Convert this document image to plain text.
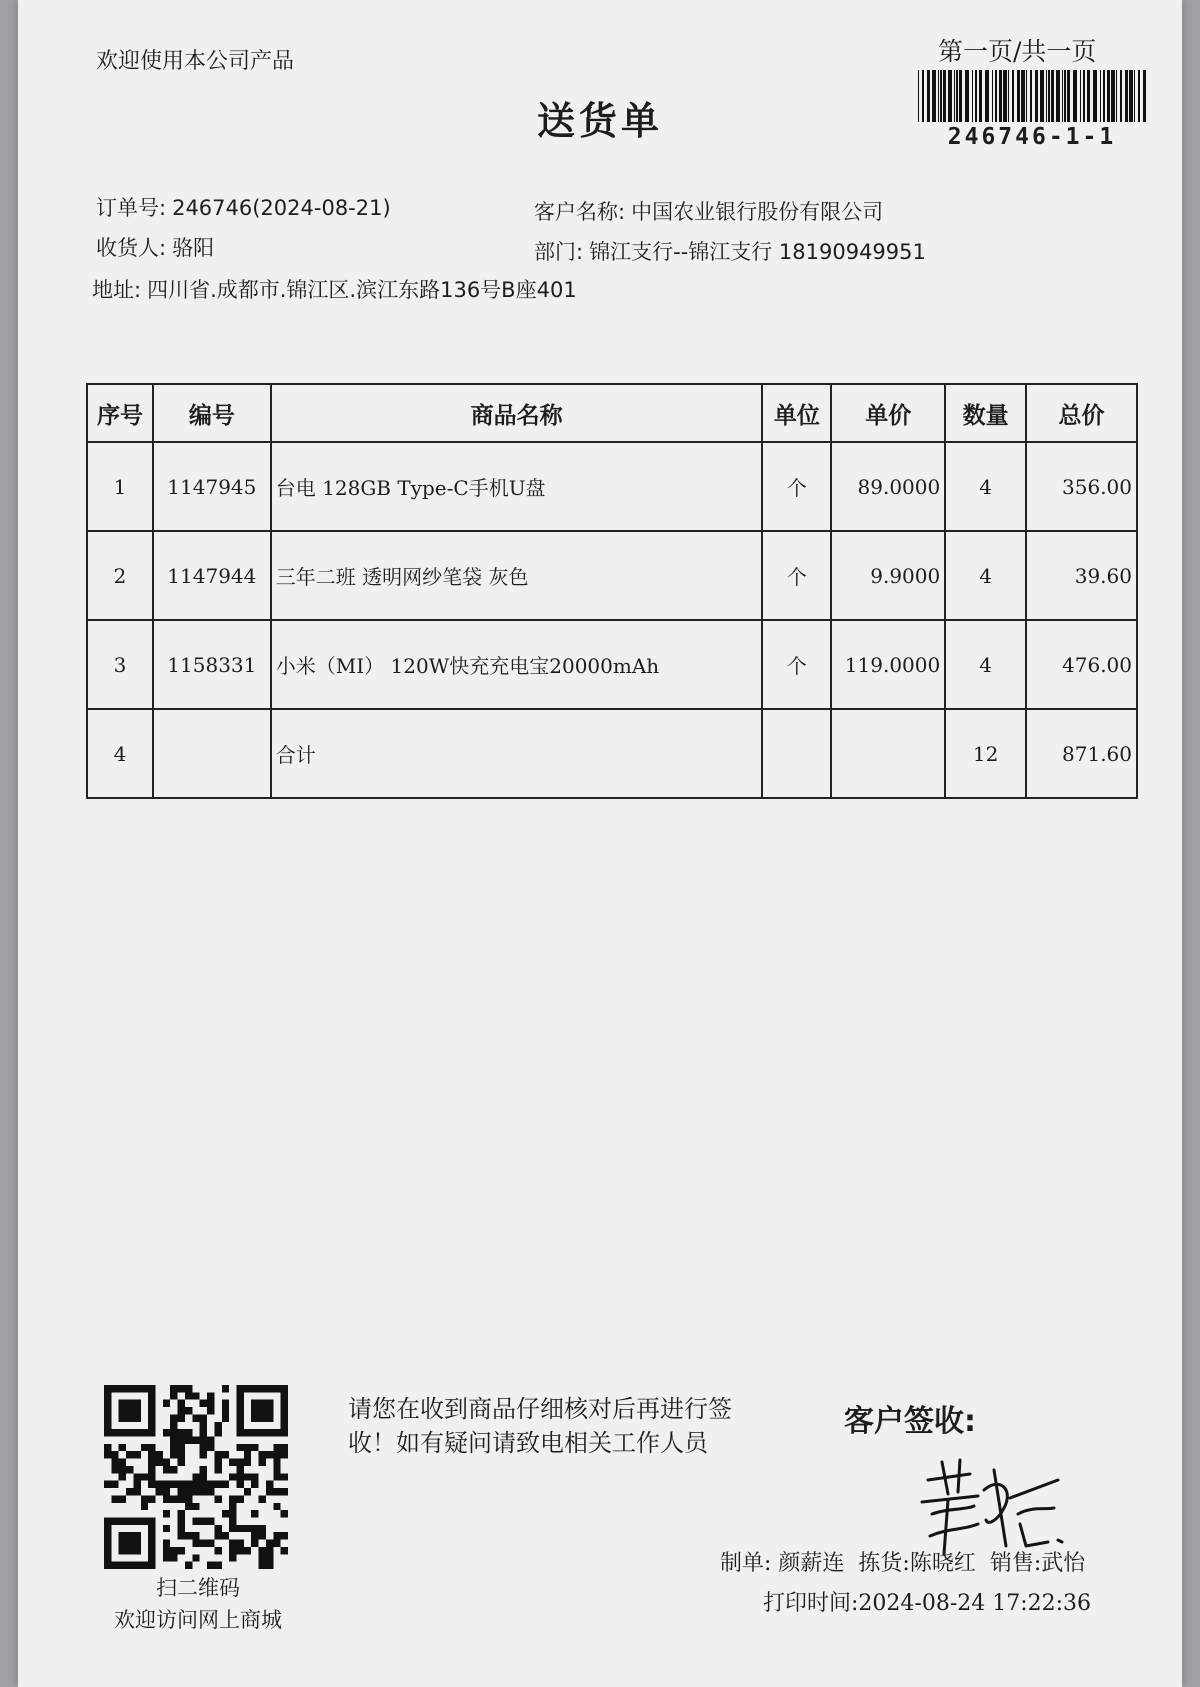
欢迎使用本公司产品
送货单
第一页/共一页
246746-1-1
订单号: 246746(2024-08-21)
收货人: 骆阳
地址: 四川省.成都市.锦江区.滨江东路136号B座401
客户名称: 中国农业银行股份有限公司
部门: 锦江支行--锦江支行 18190949951
序号	编号	商品名称	单位	单价	数量	总价
1	1147945	台电 128GB Type-C手机U盘	个	89.0000	4	356.00
2	1147944	三年二班 透明网纱笔袋 灰色	个	9.9000	4	39.60
3	1158331	小米（MI） 120W快充充电宝20000mAh	个	119.0000	4	476.00
4		合计			12	871.60
扫二维码
欢迎访问网上商城
请您在收到商品仔细核对后再进行签收！如有疑问请致电相关工作人员
客户签收:
制单: 颜薪连 拣货:陈晓红 销售:武怡
打印时间:2024-08-24 17:22:36
